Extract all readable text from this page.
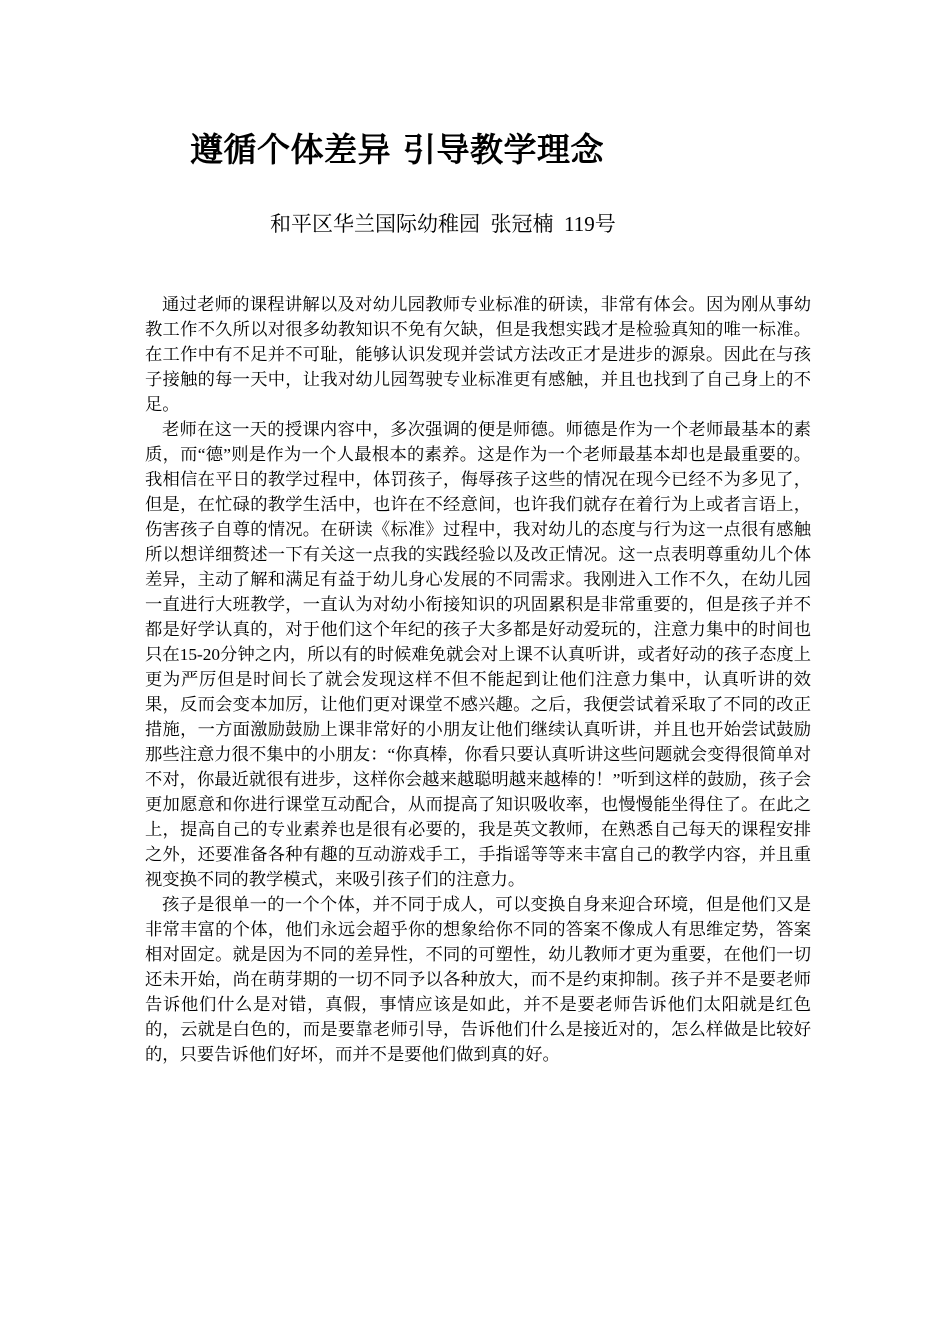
遵循个体差异 引导教学理念
和平区华兰国际幼稚园  张冠楠  119号

通过老师的课程讲解以及对幼儿园教师专业标准的研读，非常有体会。因为刚从事幼教工作不久所以对很多幼教知识不免有欠缺，但是我想实践才是检验真知的唯一标准。在工作中有不足并不可耻，能够认识发现并尝试方法改正才是进步的源泉。因此在与孩子接触的每一天中，让我对幼儿园驾驶专业标准更有感触，并且也找到了自己身上的不足。

老师在这一天的授课内容中，多次强调的便是师德。师德是作为一个老师最基本的素质，而“德”则是作为一个人最根本的素养。这是作为一个老师最基本却也是最重要的。我相信在平日的教学过程中，体罚孩子，侮辱孩子这些的情况在现今已经不为多见了，但是，在忙碌的教学生活中，也许在不经意间，也许我们就存在着行为上或者言语上，伤害孩子自尊的情况。在研读《标准》过程中，我对幼儿的态度与行为这一点很有感触所以想详细赘述一下有关这一点我的实践经验以及改正情况。这一点表明尊重幼儿个体差异，主动了解和满足有益于幼儿身心发展的不同需求。我刚进入工作不久，在幼儿园一直进行大班教学，一直认为对幼小衔接知识的巩固累积是非常重要的，但是孩子并不都是好学认真的，对于他们这个年纪的孩子大多都是好动爱玩的，注意力集中的时间也只在15-20分钟之内，所以有的时候难免就会对上课不认真听讲，或者好动的孩子态度上更为严厉但是时间长了就会发现这样不但不能起到让他们注意力集中，认真听讲的效果，反而会变本加厉，让他们更对课堂不感兴趣。之后，我便尝试着采取了不同的改正措施，一方面激励鼓励上课非常好的小朋友让他们继续认真听讲，并且也开始尝试鼓励那些注意力很不集中的小朋友：“你真棒，你看只要认真听讲这些问题就会变得很简单对不对，你最近就很有进步，这样你会越来越聪明越来越棒的！”听到这样的鼓励，孩子会更加愿意和你进行课堂互动配合，从而提高了知识吸收率，也慢慢能坐得住了。在此之上，提高自己的专业素养也是很有必要的，我是英文教师，在熟悉自己每天的课程安排之外，还要准备各种有趣的互动游戏手工，手指谣等等来丰富自己的教学内容，并且重视变换不同的教学模式，来吸引孩子们的注意力。

孩子是很单一的一个个体，并不同于成人，可以变换自身来迎合环境，但是他们又是非常丰富的个体，他们永远会超乎你的想象给你不同的答案不像成人有思维定势，答案相对固定。就是因为不同的差异性，不同的可塑性，幼儿教师才更为重要，在他们一切还未开始，尚在萌芽期的一切不同予以各种放大，而不是约束抑制。孩子并不是要老师告诉他们什么是对错，真假，事情应该是如此，并不是要老师告诉他们太阳就是红色的，云就是白色的，而是要靠老师引导，告诉他们什么是接近对的，怎么样做是比较好的，只要告诉他们好坏，而并不是要他们做到真的好。
